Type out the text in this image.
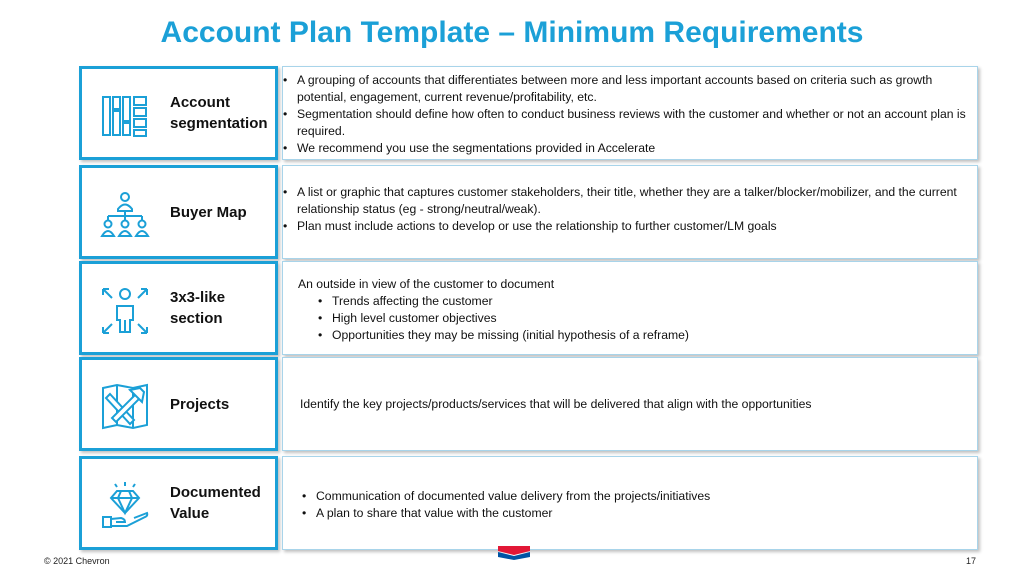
Account Plan Template – Minimum Requirements
Account segmentation
• A grouping of accounts that differentiates between more and less important accounts based on criteria such as growth potential, engagement, current revenue/profitability, etc.
• Segmentation should define how often to conduct business reviews with the customer and whether or not an account plan is required.
• We recommend you use the segmentations provided in Accelerate
Buyer Map
• A list or graphic that captures customer stakeholders, their title, whether they are a talker/blocker/mobilizer, and the current relationship status (eg - strong/neutral/weak).
• Plan must include actions to develop or use the relationship to further customer/LM goals
3x3-like section
An outside in view of the customer to document
• Trends affecting the customer
• High level customer objectives
• Opportunities they may be missing (initial hypothesis of a reframe)
Projects	Identify the key projects/products/services that will be delivered that align with the opportunities
Documented Value
• Communication of documented value delivery from the projects/initiatives
• A plan to share that value with the customer
© 2021 Chevron	17
